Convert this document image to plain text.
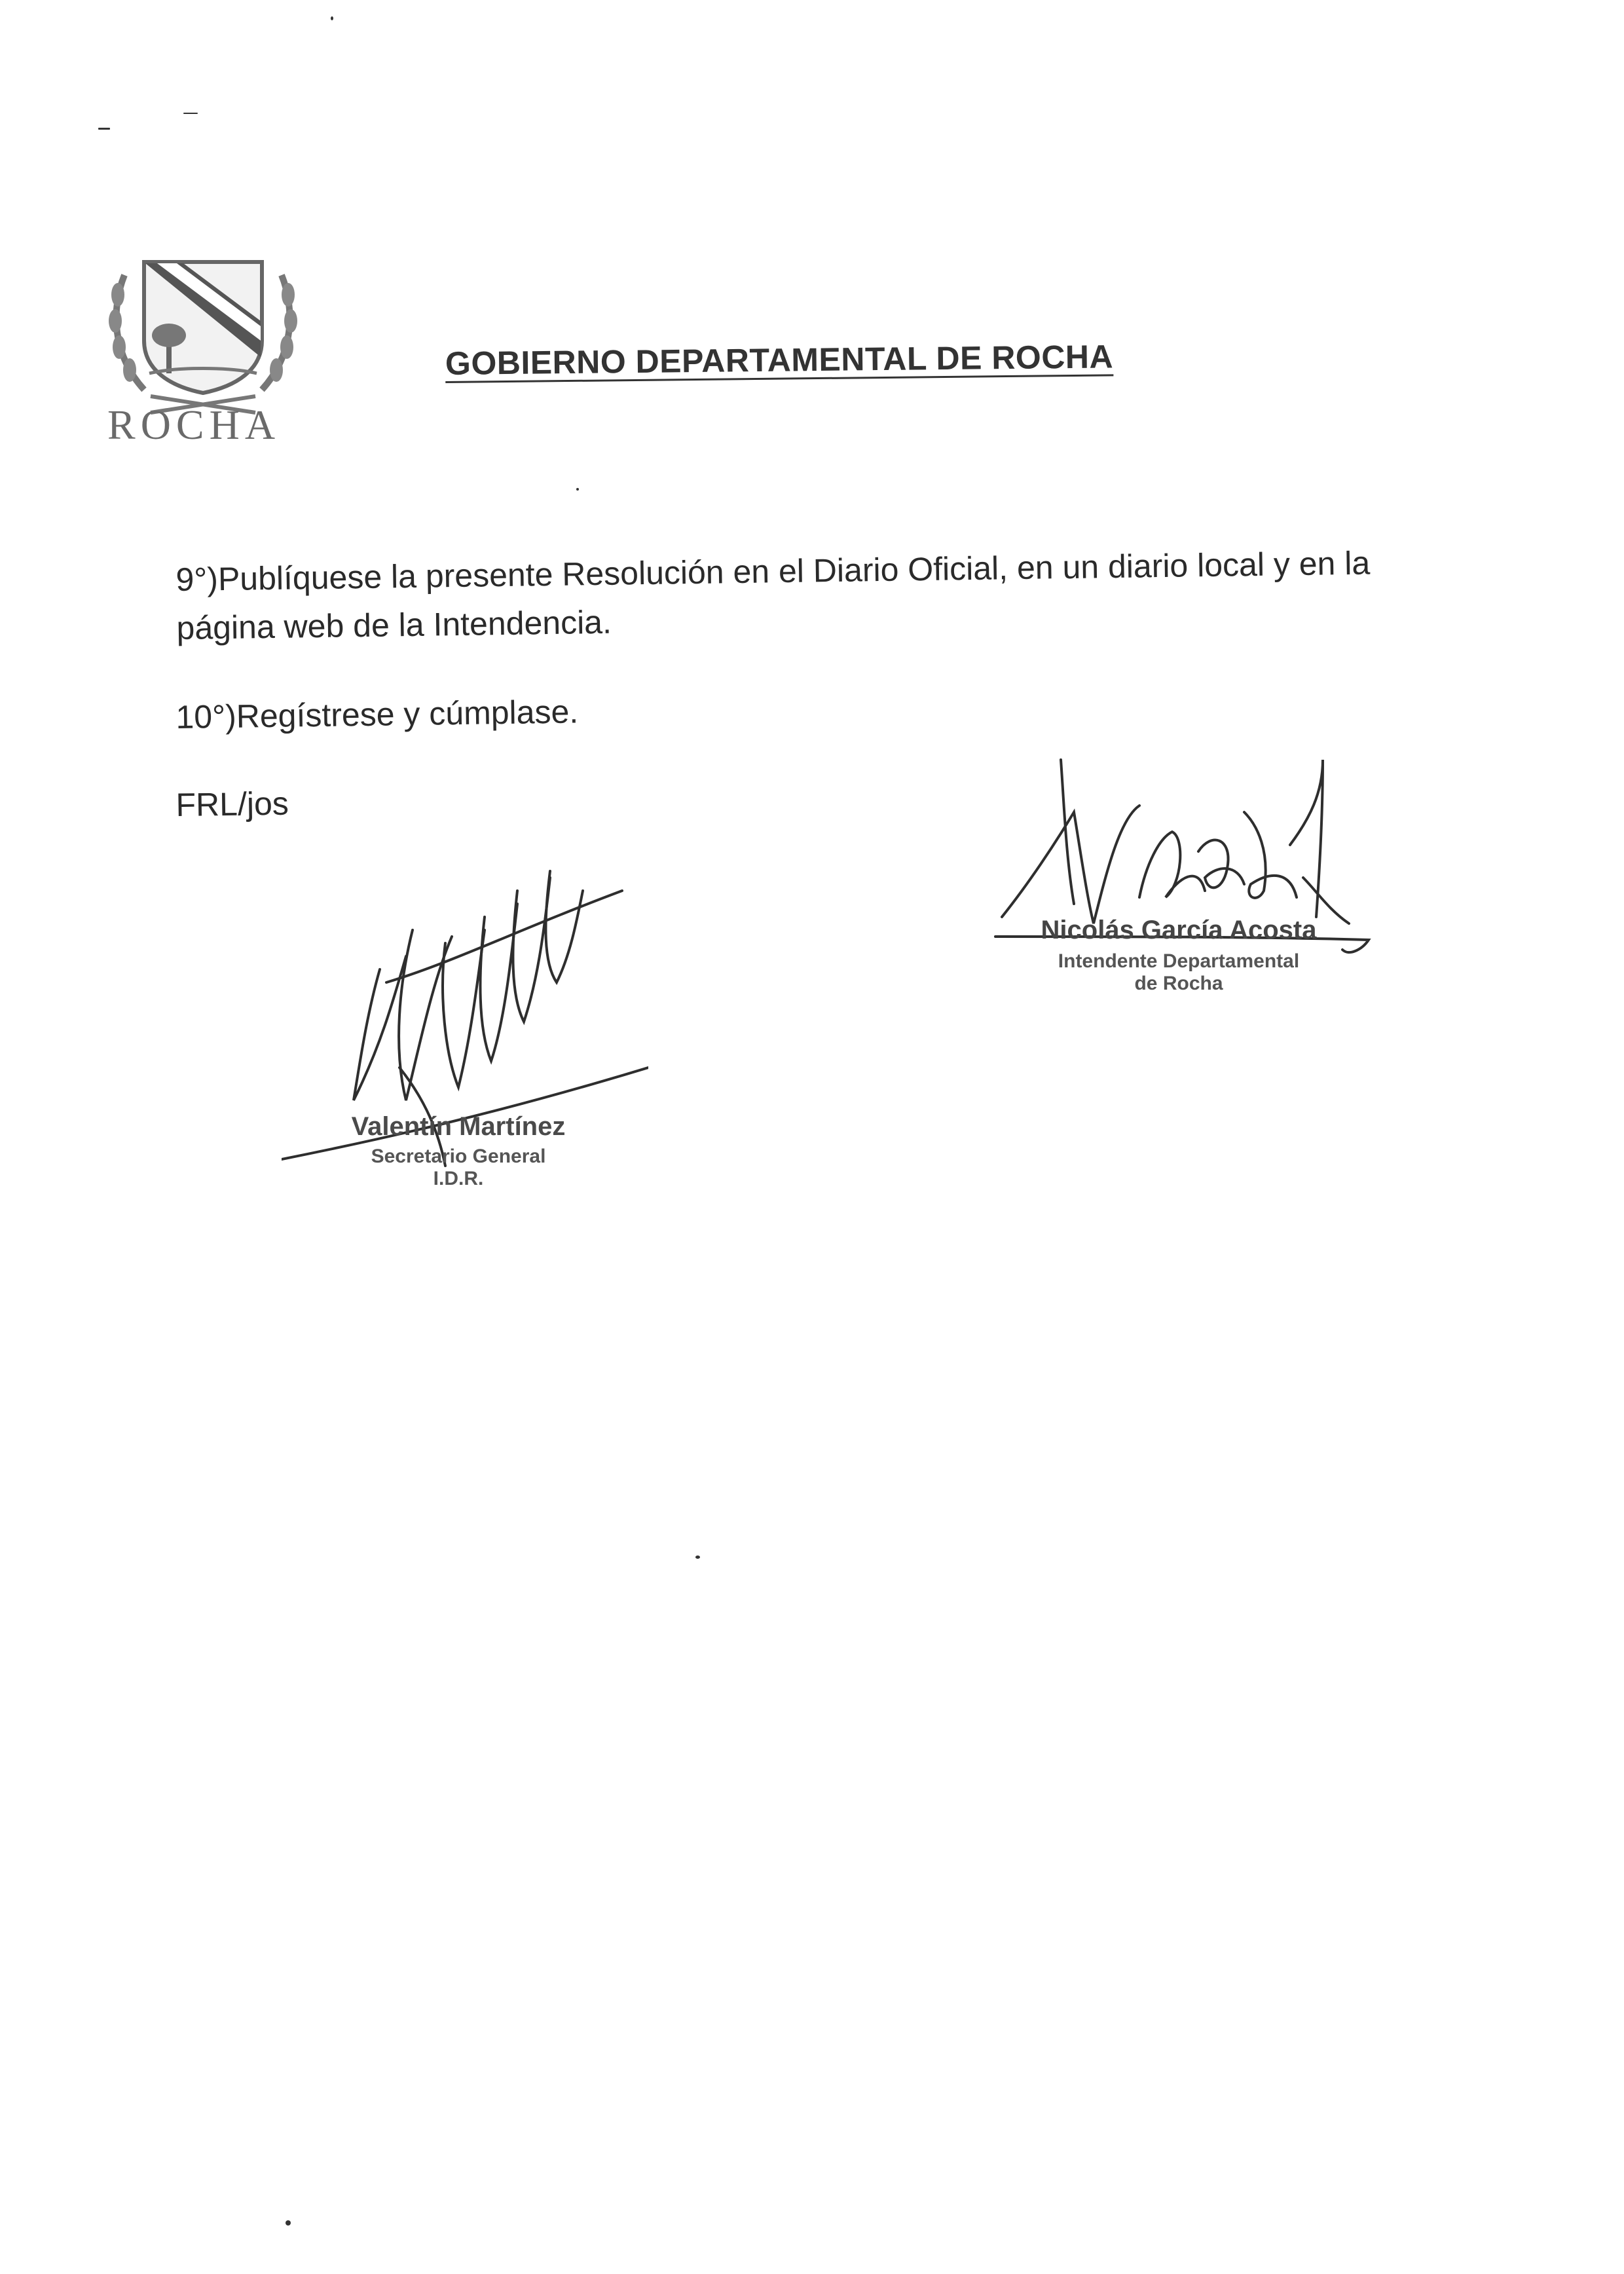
ROCHA
GOBIERNO DEPARTAMENTAL DE ROCHA
9°)Publíquese la presente Resolución en el Diario Oficial, en un diario local y en la página web de la Intendencia.
10°)Regístrese y cúmplase.
FRL/jos
Nicolás García Acosta
Intendente Departamental
de Rocha
Valentín Martínez
Secretario General
I.D.R.
